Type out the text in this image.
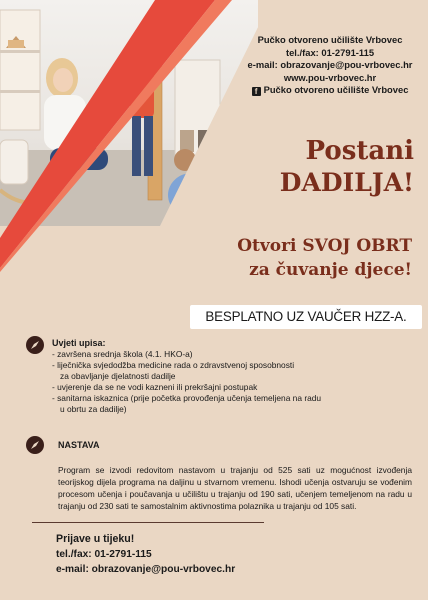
Pučko otvoreno učilište Vrbovec
tel./fax: 01-2791-115
e-mail: obrazovanje@pou-vrbovec.hr
www.pou-vrbovec.hr
f Pučko otvoreno učilište Vrbovec
Postani
DADILJA!
Otvori SVOJ OBRT
za čuvanje djece!
BESPLATNO UZ VAUČER HZZ-A.
Uvjeti upisa:
- završena srednja škola (4.1. HKO-a)
- liječnička svjedodžba medicine rada o zdravstvenoj sposobnosti
za obavljanje djelatnosti dadilje
- uvjerenje da se ne vodi kazneni ili prekršajni postupak
- sanitarna iskaznica (prije početka provođenja učenja temeljena na radu
u obrtu za dadilje)
NASTAVA
Program se izvodi redovitom nastavom u trajanju od 525 sati uz mogućnost izvođenja teorijskog dijela programa na daljinu u stvarnom vremenu. Ishodi učenja ostvaruju se vođenim procesom učenja i poučavanja u učilištu u trajanju od 190 sati, učenjem temeljenom na radu u trajanju od 230 sati te samostalnim aktivnostima polaznika u trajanju od 105 sati.
Prijave u tijeku!
tel./fax: 01-2791-115
e-mail: obrazovanje@pou-vrbovec.hr
